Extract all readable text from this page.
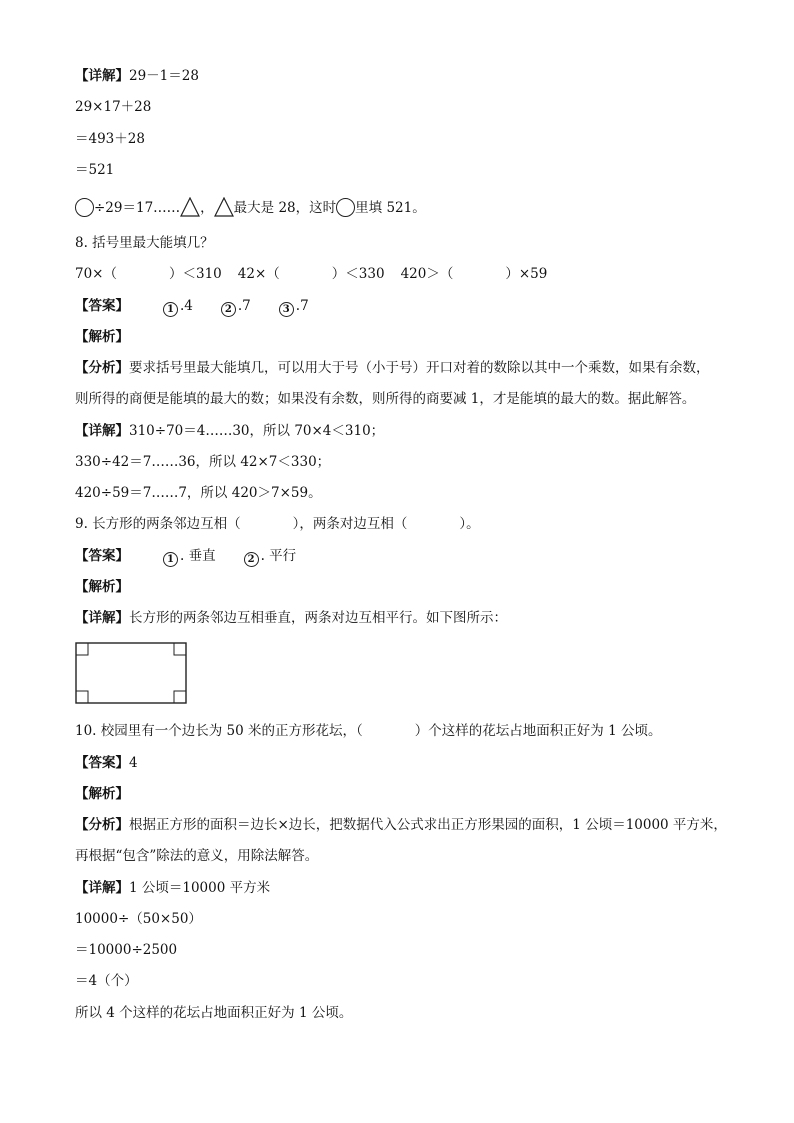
【详解】29－1＝28
29×17＋28
＝493＋28
＝521
÷29＝17…… ， 最大是 28，这时 里填 521。
8. 括号里最大能填几？
70×（	）＜310 42×（	）＜330 420＞（	）×59
【答案】	1 .4	2 .7	3 .7
【解析】
【分析】要求括号里最大能填几，可以用大于号（小于号）开口对着的数除以其中一个乘数，如果有余数，
则所得的商便是能填的最大的数；如果没有余数，则所得的商要减 1，才是能填的最大的数。据此解答。
【详解】310÷70＝4……30，所以 70×4＜310；
330÷42＝7……36，所以 42×7＜330；
420÷59＝7……7，所以 420＞7×59。
9. 长方形的两条邻边互相（	），两条对边互相（	）。
【答案】	1 . 垂直	2 . 平行
【解析】
【详解】长方形的两条邻边互相垂直，两条对边互相平行。如下图所示：
10. 校园里有一个边长为 50 米的正方形花坛，（	）个这样的花坛占地面积正好为 1 公顷。
【答案】4
【解析】
【分析】根据正方形的面积＝边长×边长，把数据代入公式求出正方形果园的面积，1 公顷＝10000 平方米，
再根据“包含”除法的意义，用除法解答。
【详解】1 公顷＝10000 平方米
10000÷（50×50）
＝10000÷2500
＝4（个）
所以 4 个这样的花坛占地面积正好为 1 公顷。
